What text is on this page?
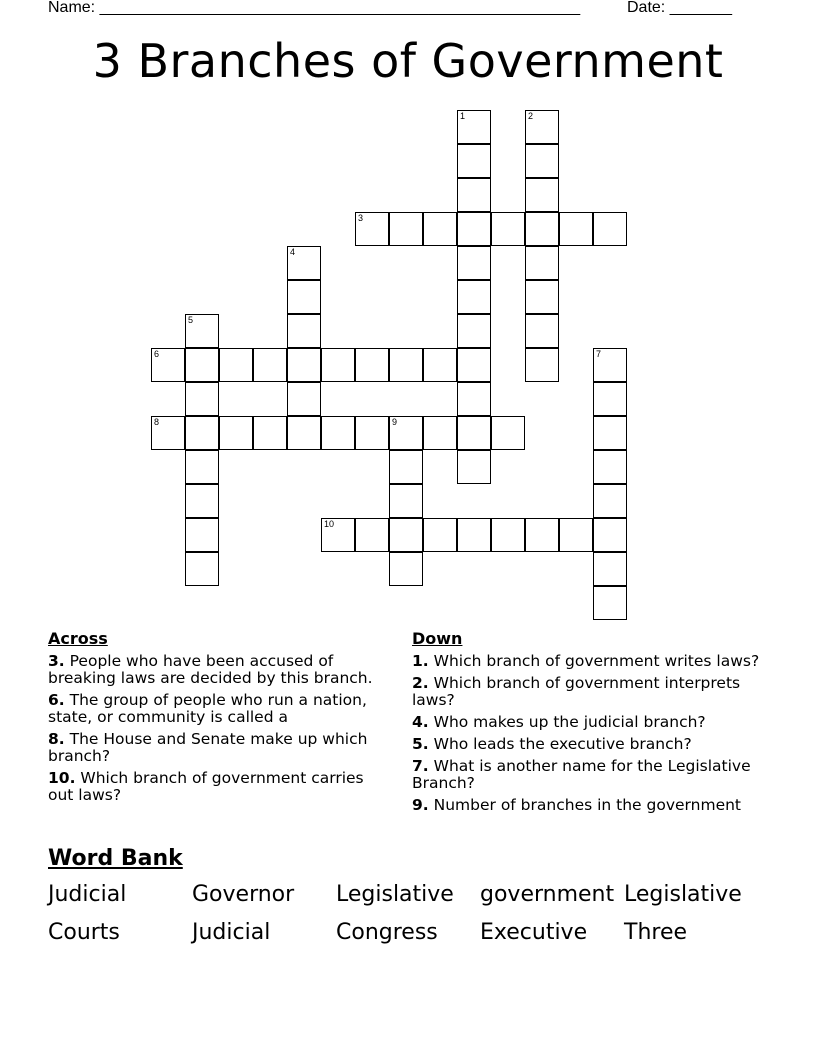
Name: ______________________________________________________	Date: _______
3 Branches of Government
1	2
3
4
5
6	7
8	9
10
Across
3. People who have been accused of breaking laws are decided by this branch.
6. The group of people who run a nation, state, or community is called a
8. The House and Senate make up which branch?
10. Which branch of government carries out laws?
Down
1. Which branch of government writes laws?
2. Which branch of government interprets laws?
4. Who makes up the judicial branch?
5. Who leads the executive branch?
7. What is another name for the Legislative Branch?
9. Number of branches in the government
Word Bank
Judicial	Governor Legislative government Legislative
Courts	Judicial	Congress Executive Three
